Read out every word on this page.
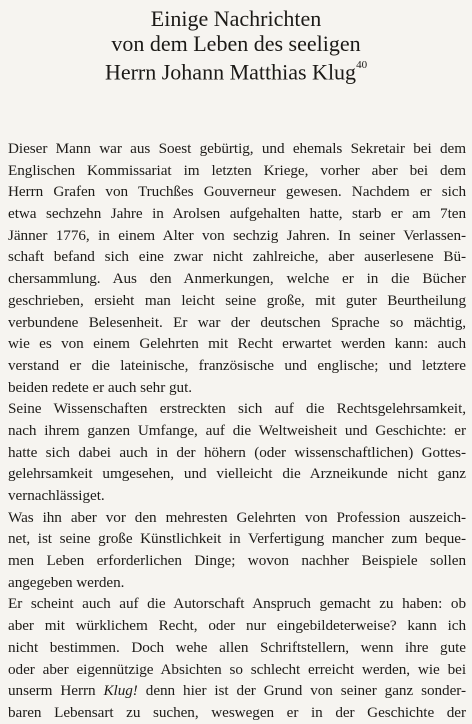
Einige Nachrichten
von dem Leben des seeligen
Herrn Johann Matthias Klug$^{40}$
Dieser Mann war aus Soest gebürtig, und ehemals Sekretair bei dem
Englischen Kommissariat im letzten Kriege, vorher aber bei dem
Herrn Grafen von Truchßes Gouverneur gewesen. Nachdem er sich
etwa sechzehn Jahre in Arolsen aufgehalten hatte, starb er am 7ten
Jänner 1776, in einem Alter von sechzig Jahren. In seiner Verlassen-
schaft befand sich eine zwar nicht zahlreiche, aber auserlesene Bü-
chersammlung. Aus den Anmerkungen, welche er in die Bücher
geschrieben, ersieht man leicht seine große, mit guter Beurtheilung
verbundene Belesenheit. Er war der deutschen Sprache so mächtig,
wie es von einem Gelehrten mit Recht erwartet werden kann: auch
verstand er die lateinische, französische und englische; und letztere
beiden redete er auch sehr gut.
Seine Wissenschaften erstreckten sich auf die Rechtsgelehrsamkeit,
nach ihrem ganzen Umfange, auf die Weltweisheit und Geschichte: er
hatte sich dabei auch in der höhern (oder wissenschaftlichen) Gottes-
gelehrsamkeit umgesehen, und vielleicht die Arzneikunde nicht ganz
vernachlässiget.
Was ihn aber vor den mehresten Gelehrten von Profession auszeich-
net, ist seine große Künstlichkeit in Verfertigung mancher zum beque-
men Leben erforderlichen Dinge; wovon nachher Beispiele sollen
angegeben werden.
Er scheint auch auf die Autorschaft Anspruch gemacht zu haben: ob
aber mit würklichem Recht, oder nur eingebildeterweise? kann ich
nicht bestimmen. Doch wehe allen Schriftstellern, wenn ihre gute
oder aber eigennützige Absichten so schlecht erreicht werden, wie bei
unserm Herrn Klug! denn hier ist der Grund von seiner ganz sonder-
baren Lebensart zu suchen, weswegen er in der Geschichte der
